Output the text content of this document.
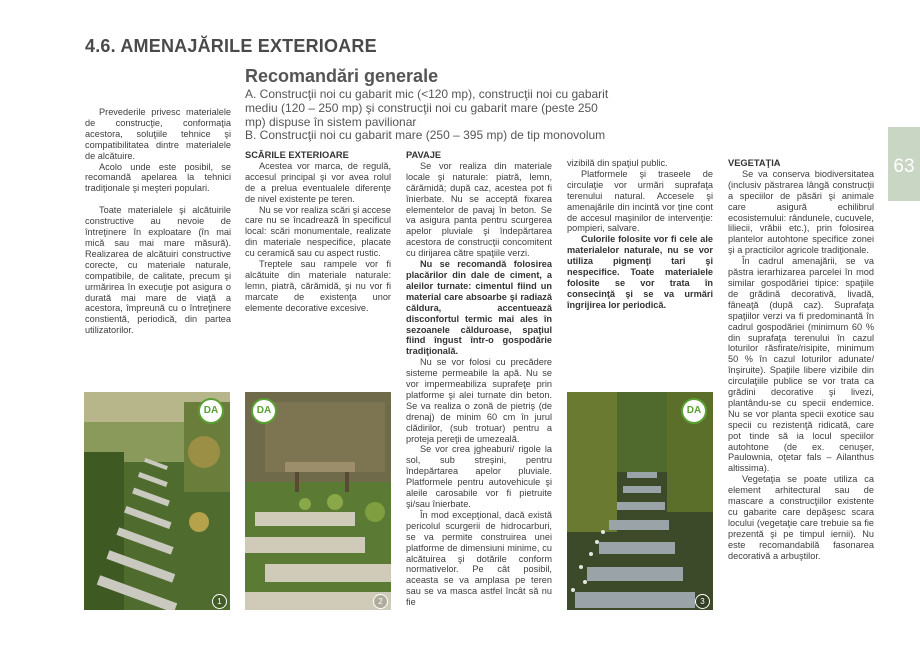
4.6. AMENAJĂRILE EXTERIOARE
Recomandări generale
A. Construcţii noi cu gabarit mic (<120 mp), construcţii noi cu gabarit
mediu (120 – 250 mp) şi construcţii noi cu gabarit mare (peste 250
mp) dispuse în sistem pavilionar
B. Construcţii noi cu gabarit mare (250 – 395 mp) de tip monovolum
63

Prevederile privesc materialele de construcţie, conformaţia acestora, soluţiile tehnice şi compatibilitatea dintre materialele de alcătuire.

Acolo unde este posibil, se recomandă apelarea la tehnici tradiţionale şi meşteri populari.

Toate materialele şi alcătuirile constructive au nevoie de întreţinere în exploatare (în mai mică sau mai mare măsură). Realizarea de alcătuiri constructive corecte, cu materiale naturale, compatibile, de calitate, precum şi urmărirea în execuţie pot asigura o durată mai mare de viaţă a acestora, împreună cu o întreţinere constientă, periodică, din partea utilizatorilor.

SCĂRILE EXTERIOARE

Acestea vor marca, de regulă, accesul principal şi vor avea rolul de a prelua eventualele diferenţe de nivel existente pe teren.

Nu se vor realiza scări şi accese care nu se încadrează în specificul local: scări monumentale, realizate din materiale nespecifice, placate cu ceramică sau cu aspect rustic.

Treptele sau rampele vor fi alcătuite din materiale naturale: lemn, piatră, cărămidă, şi nu vor fi marcate de existenţa unor elemente decorative excesive.

PAVAJE

Se vor realiza din materiale locale şi naturale: piatră, lemn, cărămidă; după caz, acestea pot fi înierbate. Nu se acceptă fixarea elementelor de pavaj în beton. Se va asigura panta pentru scurgerea apelor pluviale şi îndepărtarea acestora de construcţii concomitent cu dirijarea către spaţiile verzi.

Nu se recomandă folosirea placărilor din dale de ciment, a aleilor turnate: cimentul fiind un material care absoarbe şi radiază căldura, accentuează disconfortul termic mai ales în sezoanele călduroase, spaţiul fiind îngust într-o gospodărie tradiţională.

Nu se vor folosi cu precădere sisteme permeabile la apă. Nu se vor impermeabiliza suprafeţe prin platforme şi alei turnate din beton. Se va realiza o zonă de pietriş (de drenaj) de minim 60 cm în jurul clădirilor, (sub trotuar) pentru a proteja pereţii de umezeală.

Se vor crea jgheaburi/ rigole la sol, sub streşini, pentru îndepărtarea apelor pluviale. Platformele pentru autovehicule şi aleile carosabile vor fi pietruite şi/sau înierbate.

În mod excepţional, dacă există pericolul scurgerii de hidrocarburi, se va permite construirea unei platforme de dimensiuni minime, cu alcătuirea şi dotările conform normativelor. Pe cât posibil, aceasta se va amplasa pe teren sau se va masca astfel încât să nu fie

vizibilă din spaţiul public.

Platformele şi traseele de circulaţie vor urmări suprafaţa terenului natural. Accesele şi amenajările din incintă vor ţine cont de accesul maşinilor de intervenţie: pompieri, salvare.

Culorile folosite vor fi cele ale materialelor naturale, nu se vor utiliza pigmenţi tari şi nespecifice. Toate materialele folosite se vor trata în consecinţă şi se va urmări îngrijirea lor periodică.

VEGETAŢIA

Se va conserva biodiversitatea (inclusiv păstrarea lângă construcţii a speciilor de păsări şi animale care asigură echilibrul ecosistemului: rândunele, cucuvele, liliecii, vrăbii etc.), prin folosirea plantelor autohtone specifice zonei şi a practicilor agricole tradiţionale.

În cadrul amenajării, se va păstra ierarhizarea parcelei în mod similar gospodăriei tipice: spaţiile de grădină decorativă, livadă, fâneaţă (după caz). Suprafaţa spaţiilor verzi va fi predominantă în cadrul gospodăriei (minimum 60 % din suprafaţa terenului în cazul loturilor răsfirate/risipite, minimum 50 % în cazul loturilor adunate/înşiruite). Spaţiile libere vizibile din circulaţiile publice se vor trata ca grădini decorative şi livezi, plantându-se cu specii endemice. Nu se vor planta specii exotice sau specii cu rezistenţă ridicată, care pot tinde să ia locul speciilor autohtone (de ex. cenuşer, Paulownia, oţetar fals – Ailanthus altissima).

Vegetaţia se poate utiliza ca element arhitectural sau de mascare a construcţiilor existente cu gabarite care depăşesc scara locului (vegetaţie care trebuie sa fie prezentă şi pe timpul iernii). Nu este recomandabilă fasonarea decorativă a arbuştilor.

DA
1
DA
2
DA
3
